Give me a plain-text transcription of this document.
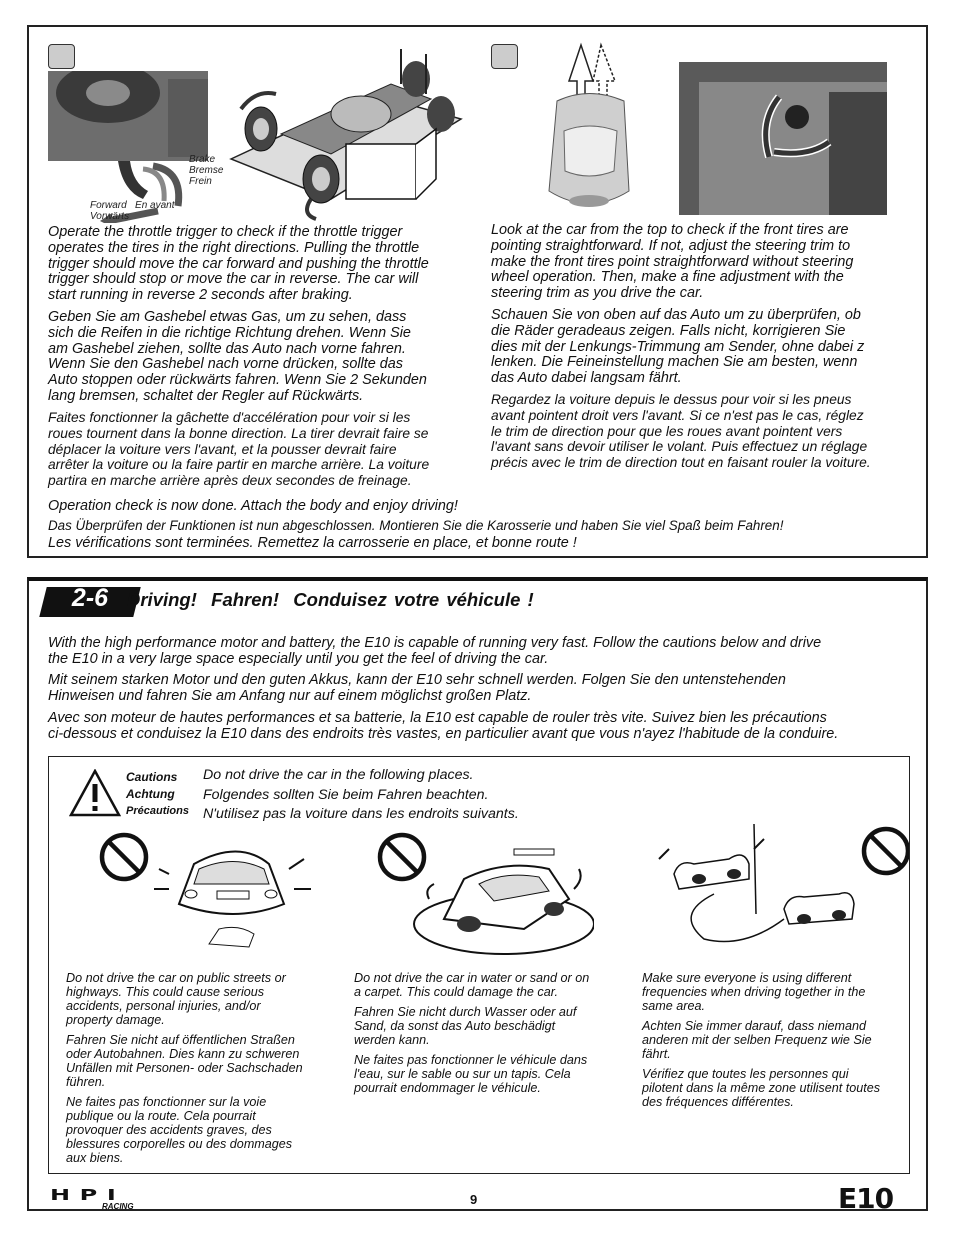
Brake
Bremse
Frein
Forward En avant
Vorwärts
Operate the throttle trigger to check if the throttle trigger
operates the tires in the right directions. Pulling the throttle
trigger should move the car forward and pushing the throttle
trigger should stop or move the car in reverse. The car will
start running in reverse 2 seconds after braking.
Geben Sie am Gashebel etwas Gas, um zu sehen, dass
sich die Reifen in die richtige Richtung drehen. Wenn Sie
am Gashebel ziehen, sollte das Auto nach vorne fahren.
Wenn Sie den Gashebel nach vorne drücken, sollte das
Auto stoppen oder rückwärts fahren. Wenn Sie 2 Sekunden
lang bremsen, schaltet der Regler auf Rückwärts.
Faites fonctionner la gâchette d'accélération pour voir si les
roues tournent dans la bonne direction. La tirer devrait faire se
déplacer la voiture vers l'avant, et la pousser devrait faire
arrêter la voiture ou la faire partir en marche arrière. La voiture
partira en marche arrière après deux secondes de freinage.
Look at the car from the top to check if the front tires are
pointing straightforward. If not, adjust the steering trim to
make the front tires point straightforward without steering
wheel operation. Then, make a fine adjustment with the
steering trim as you drive the car.
Schauen Sie von oben auf das Auto um zu überprüfen, ob
die Räder geradeaus zeigen. Falls nicht, korrigieren Sie
dies mit der Lenkungs-Trimmung am Sender, ohne dabei z
lenken. Die Feineinstellung machen Sie am besten, wenn
das Auto dabei langsam fährt.
Regardez la voiture depuis le dessus pour voir si les pneus
avant pointent droit vers l'avant. Si ce n'est pas le cas, réglez
le trim de direction pour que les roues avant pointent vers
l'avant sans devoir utiliser le volant. Puis effectuez un réglage
précis avec le trim de direction tout en faisant rouler la voiture.
Operation check is now done. Attach the body and enjoy driving!
Das Überprüfen der Funktionen ist nun abgeschlossen. Montieren Sie die Karosserie und haben Sie viel Spaß beim Fahren!
Les vérifications sont terminées. Remettez la carrosserie en place, et bonne route !
2-6	Driving!  Fahren!  Conduisez votre véhicule !
With the high performance motor and battery, the E10 is capable of running very fast. Follow the cautions below and drive
the E10 in a very large space especially until you get the feel of driving the car.
Mit seinem starken Motor und den guten Akkus, kann der E10 sehr schnell werden. Folgen Sie den untenstehenden
Hinweisen und fahren Sie am Anfang nur auf einem möglichst großen Platz.
Avec son moteur de hautes performances et sa batterie, la E10 est capable de rouler très vite. Suivez bien les précautions
ci-dessous et conduisez la E10 dans des endroits très vastes, en particulier avant que vous n'ayez l'habitude de la conduire.
Cautions
Achtung
Précautions
Do not drive the car in the following places.
Folgendes sollten Sie beim Fahren beachten.
N'utilisez pas la voiture dans les endroits suivants.

Do not drive the car on public streets or highways. This could cause serious accidents, personal injuries, and/or property damage.

Fahren Sie nicht auf öffentlichen Straßen oder Autobahnen. Dies kann zu schweren Unfällen mit Personen- oder Sachschaden führen.

Ne faites pas fonctionner sur la voie publique ou la route. Cela pourrait provoquer des accidents graves, des blessures corporelles ou des dommages aux biens.

Do not drive the car in water or sand or on a carpet. This could damage the car.

Fahren Sie nicht durch Wasser oder auf Sand, da sonst das Auto beschädigt werden kann.

Ne faites pas fonctionner le véhicule dans l'eau, sur le sable ou sur un tapis. Cela pourrait endommager le véhicule.

Make sure everyone is using different frequencies when driving together in the same area.

Achten Sie immer darauf, dass niemand anderen mit der selben Frequenz wie Sie fährt.

Vérifiez que toutes les personnes qui pilotent dans la même zone utilisent toutes des fréquences différentes.

HPI
RACING	9	E10
